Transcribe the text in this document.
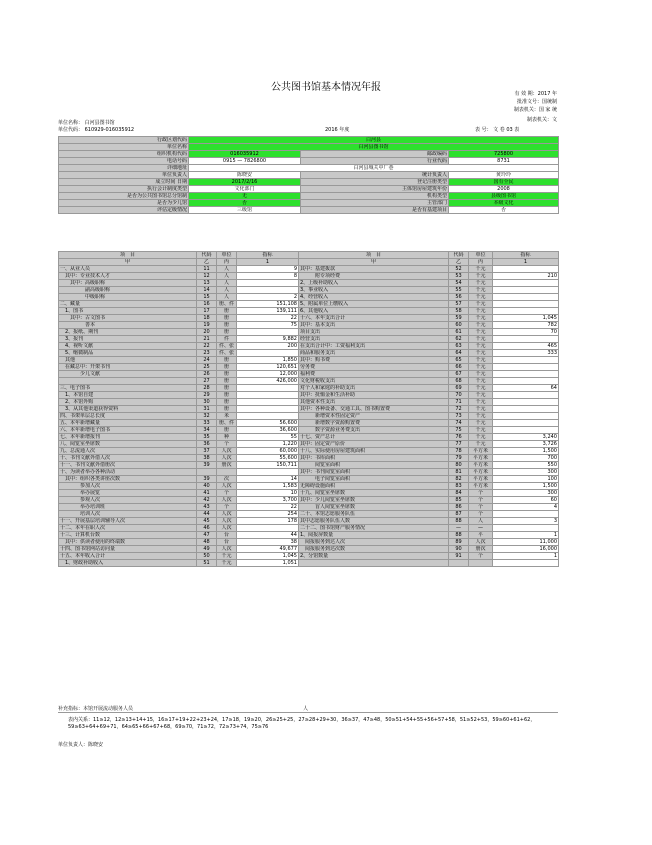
公共图书馆基本情况年报
有 效 期：2017 年
批准文号：国统制
制表机关：国 家 统
制表机关：文
单位名称： 白河县图书馆
单位代码： 610929-016035912	2016 年度	表 号： 文 卷 03 表
行政区划代码	白河县		
单位名称	白河县图书馆		
组织机构代码	016035912	邮政编码	725800
电话号码	0915 — 7826800	行业代码	8731
详细地址	白河县城关中厂巷		
单位负责人	陈晓安	统计负责人	黄玲玲
成立时间 日期	2017/2/16	登记注册类型	国有全民
执行会计制度类型	文化部门	主体馆房屋建筑年份	2008
是否为公共图书馆总分馆制	无	机构类型	县级图书馆
是否为少儿馆	否	主管部门	本级文化
评估定级情况	三级馆	是否有基建项目	否
项　目	代码	单位	指标	项　目	代码	单位	指标
甲	乙	丙	1	甲	乙	丙	1
一、从业人员	11	人	9	其中：基建拨款	52	千元	
　其中：专业技术人才	12	人	8	　　　附专项经费	53	千元	210
　　其中：高级职称	13	人		2、上级补助收入	54	千元	
　　　　　副高级职称	14	人		3、事业收入	55	千元	
　　　　　中级职称	15	人	2	4、经营收入	56	千元	
二、藏量	16	册、件	151,108	5、附属单位上缴收入	57	千元	
　1、图书	17	册	139,111	6、其他收入	58	千元	
　　其中：古文图书	18	册	22	十六、本年支出合计	59	千元	1,045
　　　　　善本	19	册	75	其中：基本支出	60	千元	782
　2、报纸、期刊	20	册		项目支出	61	千元	70
　3、报刊	21	件	9,882	经营支出	62	千元	
　4、视听文献	22	件、张	200	在支出合计中：工资福利支出	63	千元	465
　5、缩微制品	23	件、张		商品和服务支出	64	千元	333
　其他	24	册	1,850	其中：购书费	65	千元	
　在藏总中：开架书刊	25	册	120,651	劳务费	66	千元	
　　　　少儿文献	26	册	12,000	福利费	67	千元	
　　　　	27	册	426,000	文化财税收支出	68	千元	
三、电子图书	28	册		对个人和家庭的补助支出	69	千元	64
　1、本馆自建	29	册		其中：抚恤金和生活补助	70	千元	
　2、本馆外购	30	册		其他资本性支出	71	千元	
　3、从其他渠道获得资料	31	册		其中：各种设备、交通工具、图书购置费	72	千元	
四、书架单层总长度	32	米		　　　新增资本性固定资产	73	千元	
五、本年新增藏量	33	册、件	56,600	　　　新增数字资源购置费	74	千元	
六、本年新增电子图书	34	册	36,600	　　　数字资源业务费支出	75	千元	
七、本年新增报刊	35	种	55	十七、资产总计	76	千元	3,240
八、阅览室坐席数	36	个	1,220	其中：固定资产原价	77	千元	3,726
九、总流通人次	37	人次	60,000	十八、实际使用房屋建筑面积	78	平方米	1,500
十、书刊文献外借人次	38	人次	55,600	其中：书库面积	79	平方米	700
十一、书刊文献外借册次	39	册次	150,711	　　　阅览室面积	80	平方米	550
十、为读者举办各种活动				其中：书刊阅览室面积	81	平方米	300
　其中：组织各类讲座次数	39	次	14	　　　电子阅览室面积	82	平方米	100
　　　　参加人次	40	人次	1,583	无障碍设施面积	83	平方米	1,500
　　　　举办展览	41	个	10	十九、阅览室坐席数	84	个	300
　　　　参观人次	42	人次	3,700	其中：少儿阅览室坐席数	85	个	60
　　　　举办培训班	43	个	22	　　　盲人阅览室坐席数	86	个	4
　　　　培训人次	44	人次	254	二十、本馆志愿服务队伍	87	个	
十一、开展基层培训辅导人次	45	人次	178	其中志愿服务队伍人数	88	人	3
十二、本年在职人次	46	人次		二十二、图书馆财产服务情况	—	—	
十三、计算机台数	47	台	44	1、阅报屏数量	88	平	1
　其中：供读者使用的终端数	48	台	38	　阅报服务到达人次	89	人次	11,000
十四、图书馆网站访问量	49	人次	49,677	　阅报服务到达次数	90	册次	16,000
十五、本年收入合计	50	千元	1,045	2、分馆数量	91	个	1
　1、财政补助收入	51	千元	1,051				
补充指标：本馆开展流动服务人员	人
表内关系：11≥12，12≥13+14+15，16≥17+19+22+23+24，17≥18，19≥20，26≥25+25，27≥28+29+30，36≥37，47≥48，50≥51+54+55+56+57+58，51≥52+53，59≥60+61+62，59≥63+64+69+71，64≥65+66+67+68，69≥70，71≥72，72≥73+74，75≥76
单位负责人：陈晓安
